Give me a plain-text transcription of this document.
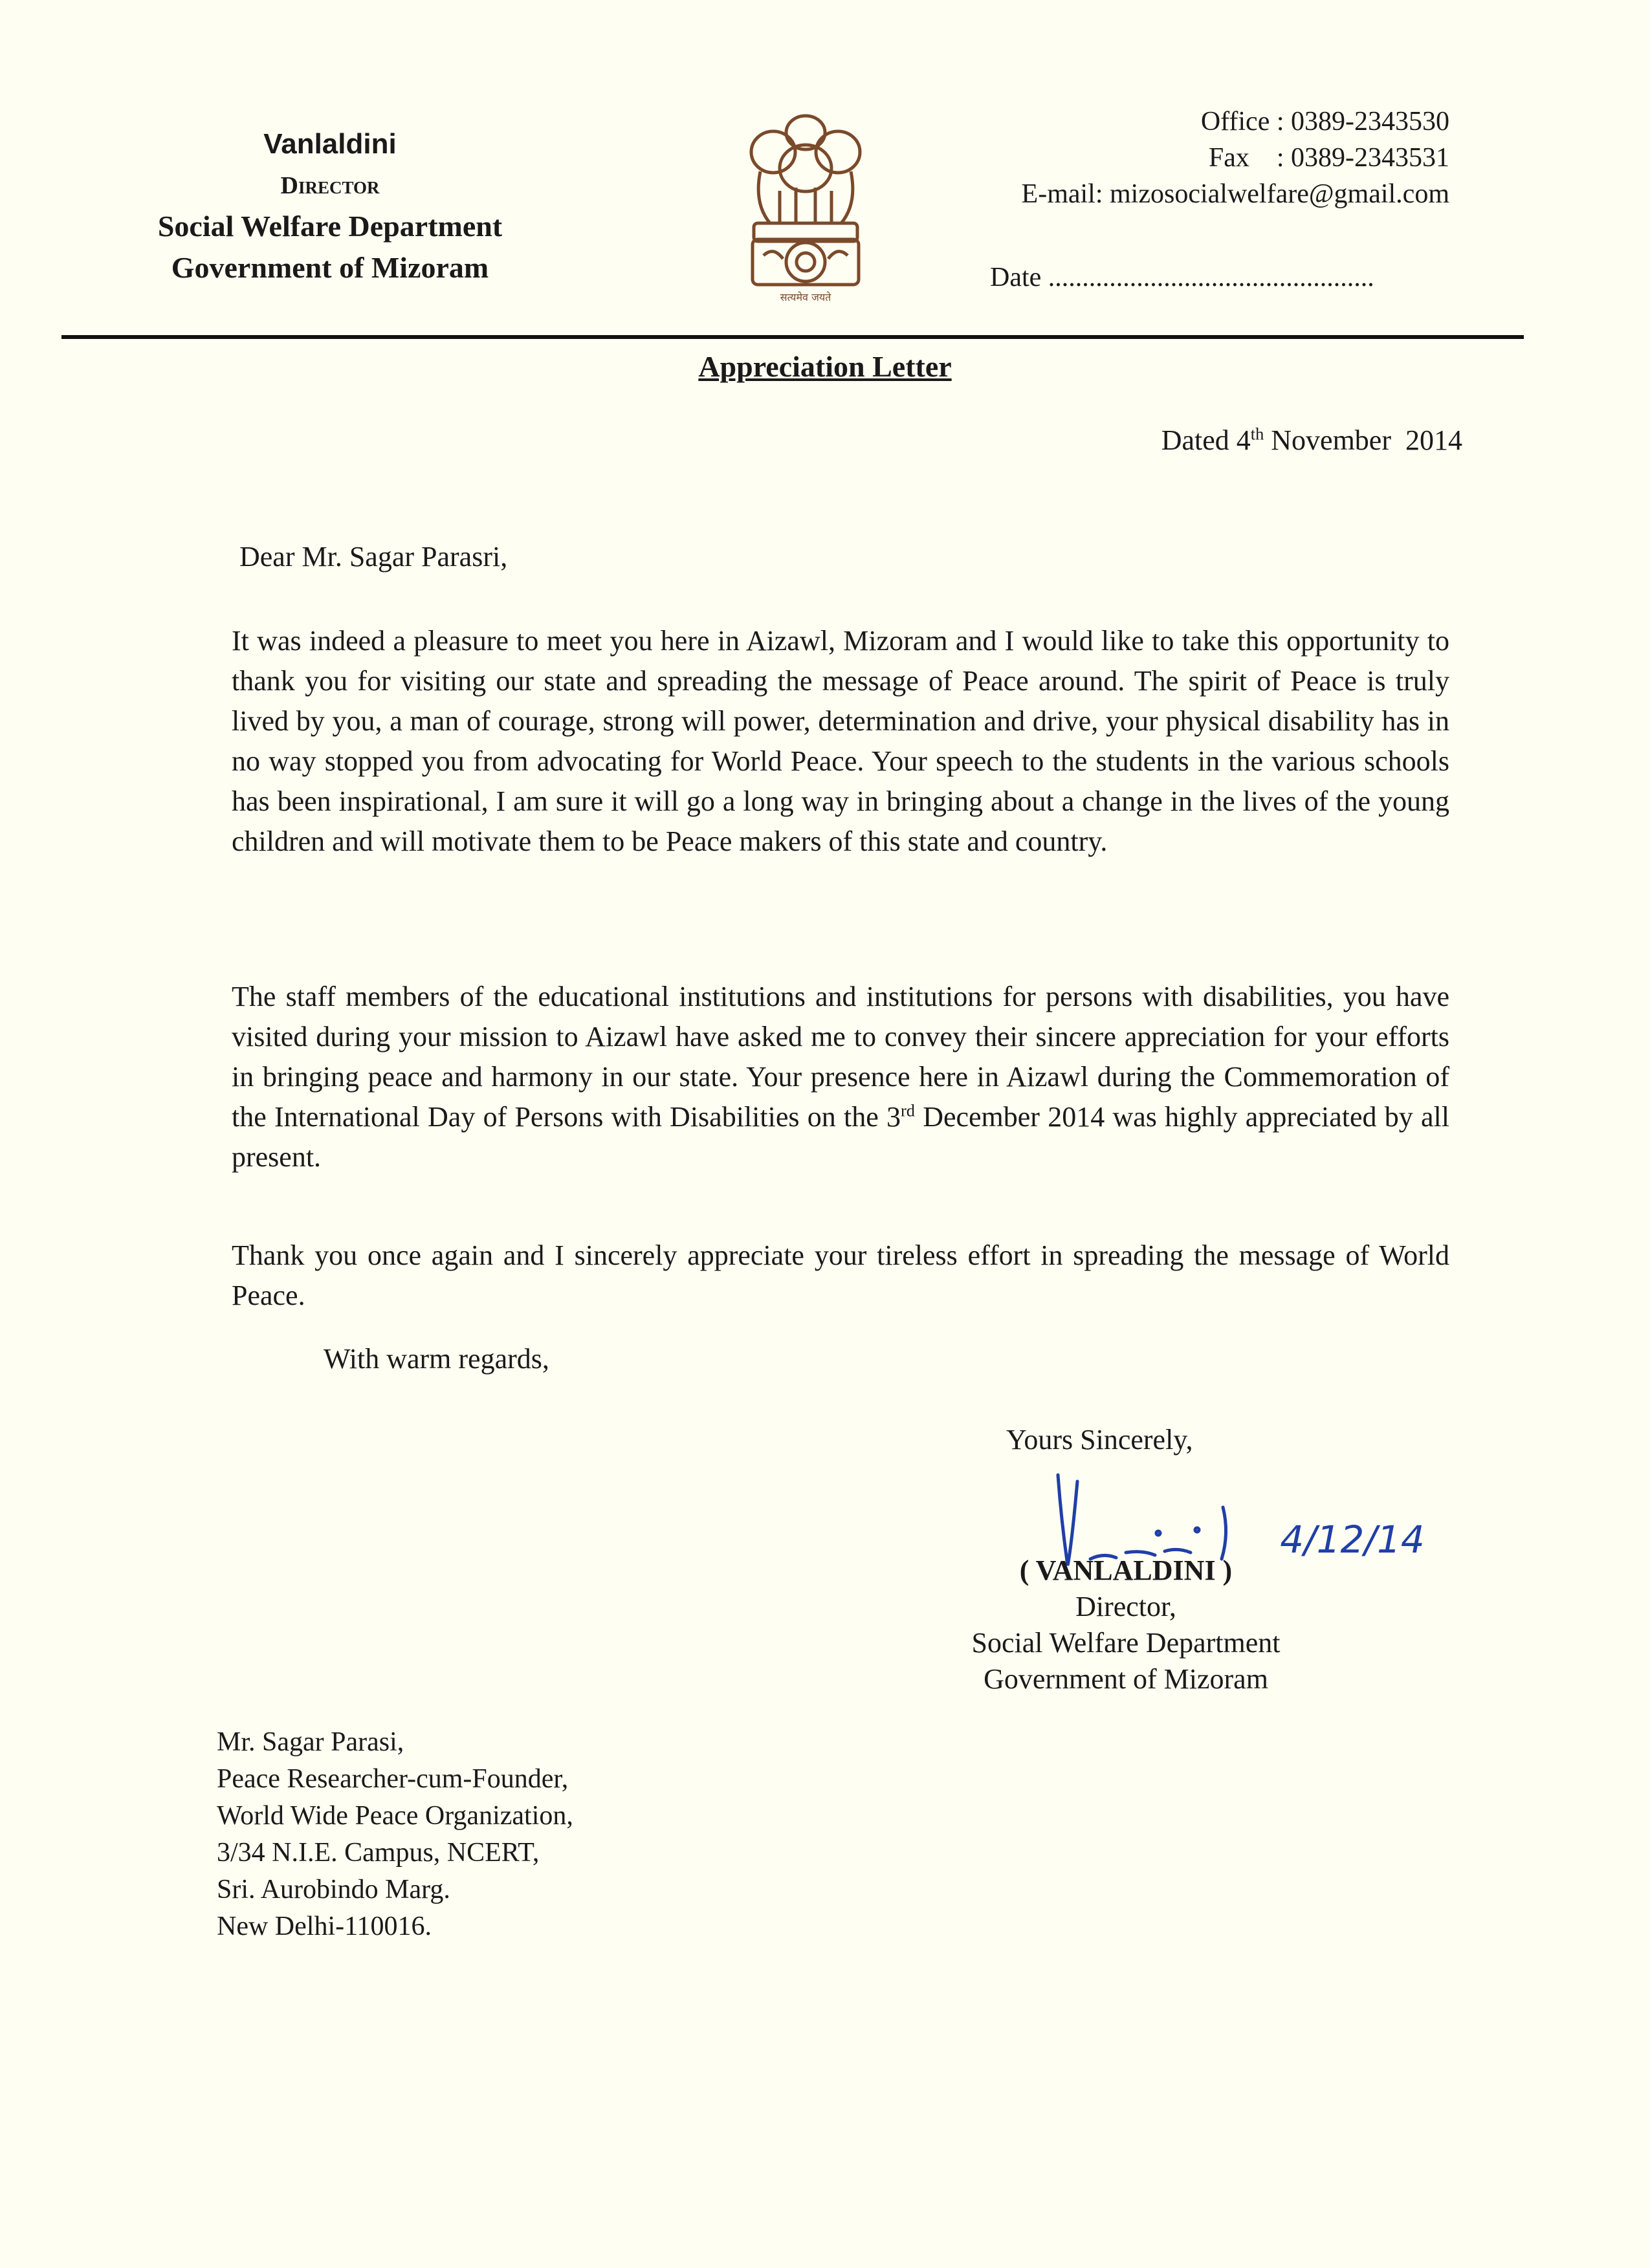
Vanlaldini
Director
Social Welfare Department
Government of Mizoram
सत्यमेव जयते
Office : 0389-2343530
Fax    : 0389-2343531
E-mail: mizosocialwelfare@gmail.com
Date ................................................
Appreciation Letter
Dated 4th November  2014
Dear Mr. Sagar Parasri,
It was indeed a pleasure to meet you here in Aizawl, Mizoram and I would like to take this opportunity to thank you for visiting our state and spreading the message of Peace around. The spirit of Peace is truly lived by you, a man of courage, strong will power, determination and drive, your physical disability has in no way stopped you from advocating for World Peace. Your speech to the students in the various schools has been inspirational, I am sure it will go a long way in bringing about a change in the lives of the young children and will motivate them to be Peace makers of this state and country.
The staff members of the educational institutions and institutions for persons with disabilities, you have visited during your mission to Aizawl have asked me to convey their sincere appreciation for your efforts in bringing peace and harmony in our state. Your presence here in Aizawl during the Commemoration of the International Day of Persons with Disabilities on the 3rd December 2014 was highly appreciated by all present.
Thank you once again and I sincerely appreciate your tireless effort in spreading the message of World Peace.
With warm regards,
Yours Sincerely,
4/12/14
( VANLALDINI )
Director,
Social Welfare Department
Government of Mizoram
Mr. Sagar Parasi,
Peace Researcher-cum-Founder,
World Wide Peace Organization,
3/34 N.I.E. Campus, NCERT,
Sri. Aurobindo Marg.
New Delhi-110016.
